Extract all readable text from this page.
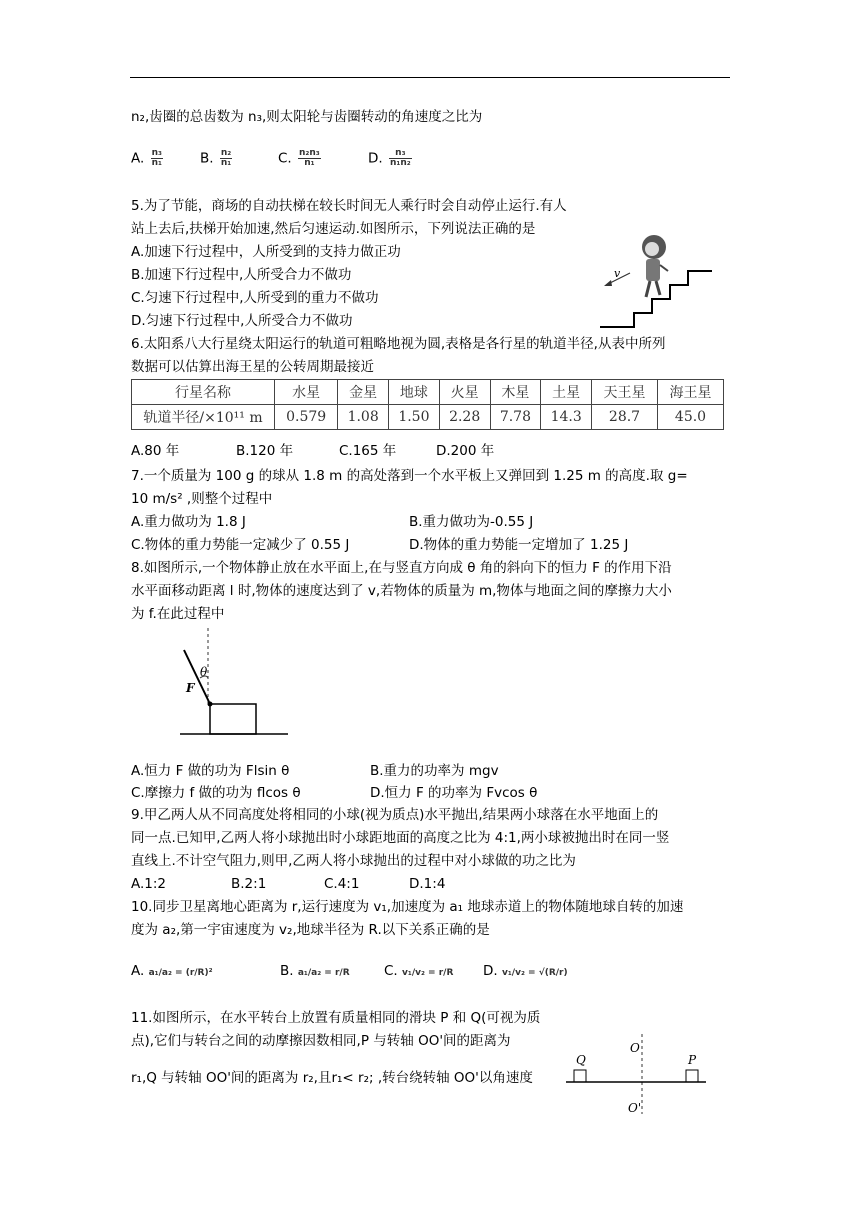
n₂,齿圈的总齿数为 n₃,则太阳轮与齿圈转动的角速度之比为
A. $\frac{\text{n₃}}{\text{n₁}}$	B. $\frac{\text{n₂}}{\text{n₁}}$	C. $\frac{\text{n₂n₃}}{\text{n₁}}$	D. $\frac{\text{n₃}}{\text{n₁n₂}}$
5.为了节能，商场的自动扶梯在较长时间无人乘行时会自动停止运行.有人
站上去后,扶梯开始加速,然后匀速运动.如图所示，下列说法正确的是
A.加速下行过程中，人所受到的支持力做正功
B.加速下行过程中,人所受合力不做功
C.匀速下行过程中,人所受到的重力不做功
D.匀速下行过程中,人所受合力不做功
v
6.太阳系八大行星绕太阳运行的轨道可粗略地视为圆,表格是各行星的轨道半径,从表中所列
数据可以估算出海王星的公转周期最接近
行星名称	水星	金星	地球	火星	木星	土星	天王星	海王星
轨道半径/×10¹¹ m	0.579	1.08	1.50	2.28	7.78	14.3	28.7	45.0
A.80 年	B.120 年	C.165 年	D.200 年
7.一个质量为 100 g 的球从 1.8 m 的高处落到一个水平板上又弹回到 1.25 m 的高度.取 g=
10 m/s² ,则整个过程中
A.重力做功为 1.8 J	B.重力做功为-0.55 J
C.物体的重力势能一定减少了 0.55 J	D.物体的重力势能一定增加了 1.25 J
8.如图所示,一个物体静止放在水平面上,在与竖直方向成 θ 角的斜向下的恒力 F 的作用下沿
水平面移动距离 l 时,物体的速度达到了 v,若物体的质量为 m,物体与地面之间的摩擦力大小
为 f.在此过程中
θ
F
A.恒力 F 做的功为 Flsin θ	B.重力的功率为 mgv
C.摩擦力 f 做的功为 flcos θ	D.恒力 F 的功率为 Fvcos θ
9.甲乙两人从不同高度处将相同的小球(视为质点)水平抛出,结果两小球落在水平地面上的
同一点.已知甲,乙两人将小球抛出时小球距地面的高度之比为 4:1,两小球被抛出时在同一竖
直线上.不计空气阻力,则甲,乙两人将小球抛出的过程中对小球做的功之比为
A.1:2	B.2:1	C.4:1	D.1:4
10.同步卫星离地心距离为 r,运行速度为 v₁,加速度为 a₁ 地球赤道上的物体随地球自转的加速
度为 a₂,第一宇宙速度为 v₂,地球半径为 R.以下关系正确的是
A. a₁/a₂ = (r/R)²	B. a₁/a₂ = r/R	C. v₁/v₂ = r/R D. v₁/v₂ = √(R/r)
11.如图所示，在水平转台上放置有质量相同的滑块 P 和 Q(可视为质
点),它们与转台之间的动摩擦因数相同,P 与转轴 OO'间的距离为
r₁,Q 与转轴 OO'间的距离为 r₂,且r₁< r₂; ,转台绕转轴 OO'以角速度
Q	P
O
O'
